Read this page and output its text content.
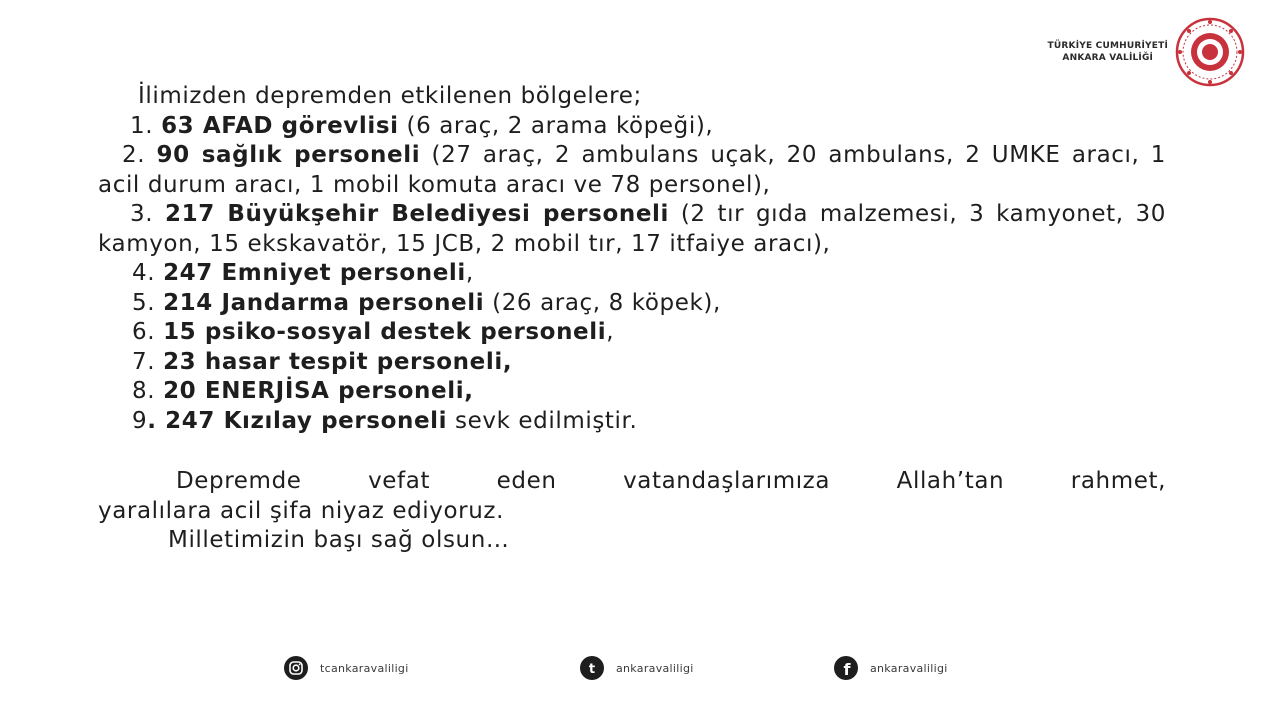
TÜRKİYE CUMHURİYETİ
ANKARA VALİLİĞİ

İlimizden depremden etkilenen bölgelere;

1. 63 AFAD görevlisi (6 araç, 2 arama köpeği),

2. 90 sağlık personeli (27 araç, 2 ambulans uçak, 20 ambulans, 2 UMKE aracı, 1 acil durum aracı, 1 mobil komuta aracı ve 78 personel),

3. 217 Büyükşehir Belediyesi personeli (2 tır gıda malzemesi, 3 kamyonet, 30 kamyon, 15 ekskavatör, 15 JCB, 2 mobil tır, 17 itfaiye aracı),

4. 247 Emniyet personeli,

5. 214 Jandarma personeli (26 araç, 8 köpek),

6. 15 psiko-sosyal destek personeli,

7. 23 hasar tespit personeli,

8. 20 ENERJİSA personeli,

9. 247 Kızılay personeli sevk edilmiştir.

Depremde vefat eden vatandaşlarımıza Allah’tan rahmet,

yaralılara acil şifa niyaz ediyoruz.

Milletimizin başı sağ olsun…

tcankaravaliligi	t ankaravaliligi	f ankaravaliligi
